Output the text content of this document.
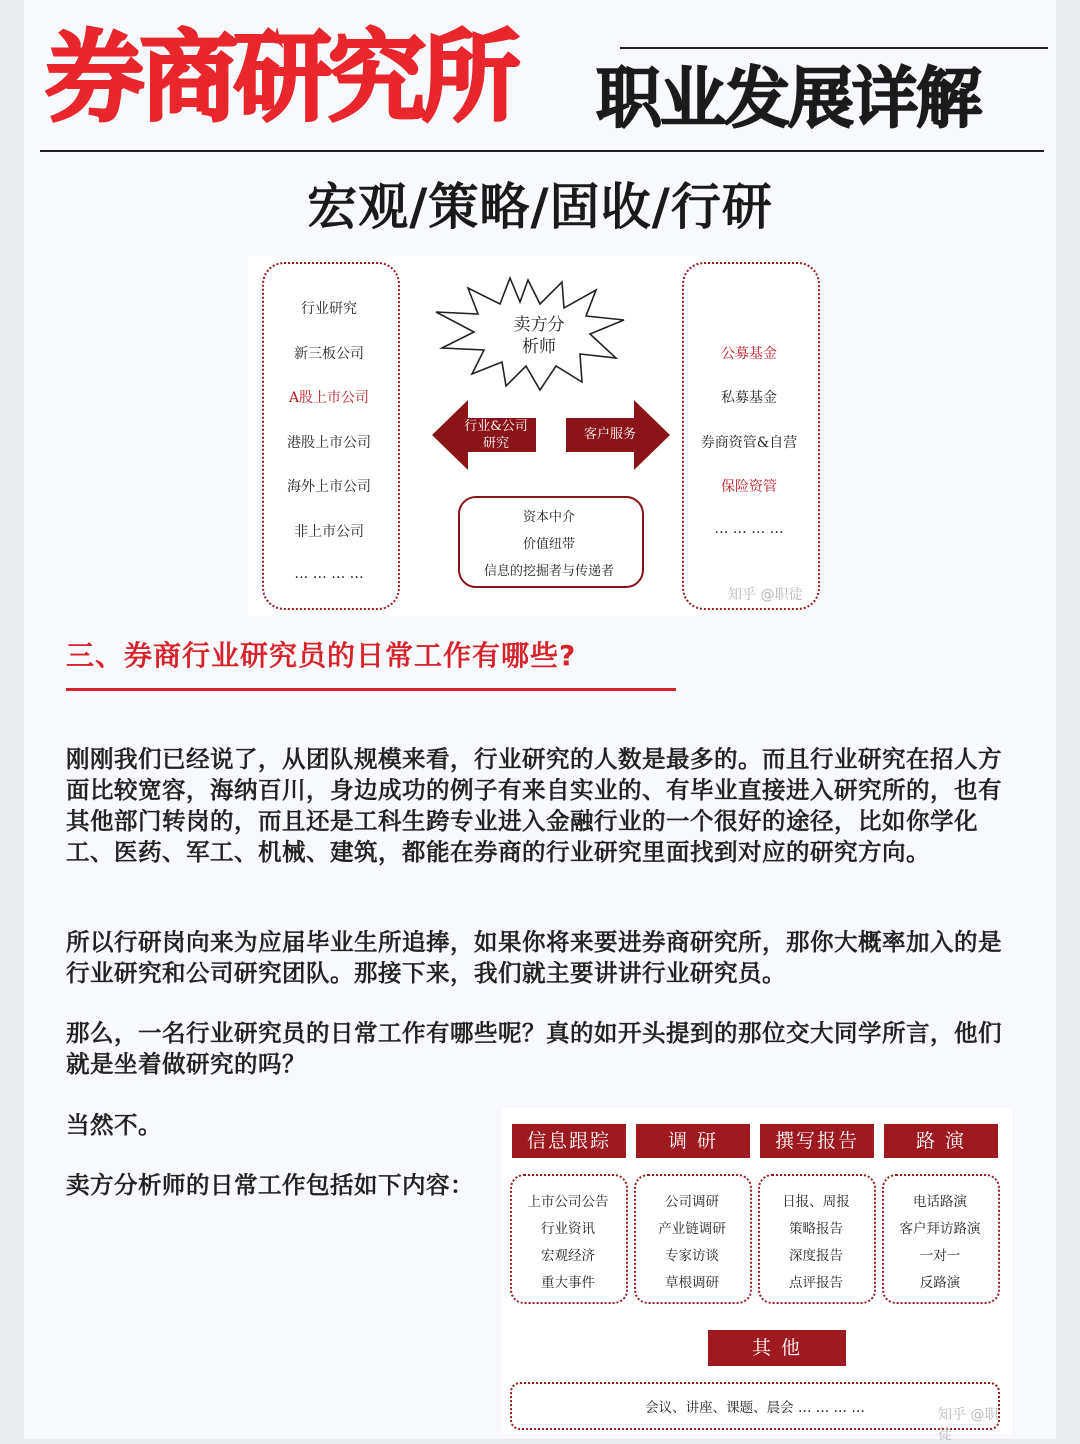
券商研究所 职业发展详解
宏观/策略/固收/行研
行业研究
新三板公司
A股上市公司
港股上市公司
海外上市公司
非上市公司
… … … …
卖方分
析师
行业&公司
研究
客户服务
资本中介
价值纽带
信息的挖掘者与传递者
公募基金
私募基金
券商资管&自营
保险资管
… … … …
知乎 @职徒
三、券商行业研究员的日常工作有哪些?
刚刚我们已经说了，从团队规模来看，行业研究的人数是最多的。而且行业研究在招人方面比较宽容，海纳百川，身边成功的例子有来自实业的、有毕业直接进入研究所的，也有其他部门转岗的，而且还是工科生跨专业进入金融行业的一个很好的途径，比如你学化工、医药、军工、机械、建筑，都能在券商的行业研究里面找到对应的研究方向。
所以行研岗向来为应届毕业生所追捧，如果你将来要进券商研究所，那你大概率加入的是行业研究和公司研究团队。那接下来，我们就主要讲讲行业研究员。
那么，一名行业研究员的日常工作有哪些呢？真的如开头提到的那位交大同学所言，他们就是坐着做研究的吗？
当然不。
卖方分析师的日常工作包括如下内容：
信息跟踪
上市公司公告
行业资讯
宏观经济
重大事件
调 研
公司调研
产业链调研
专家访谈
草根调研
撰写报告
日报、周报
策略报告
深度报告
点评报告
路 演
电话路演
客户拜访路演
一对一
反路演
其 他
会议、讲座、课题、晨会 … … … …	知乎 @职徒
